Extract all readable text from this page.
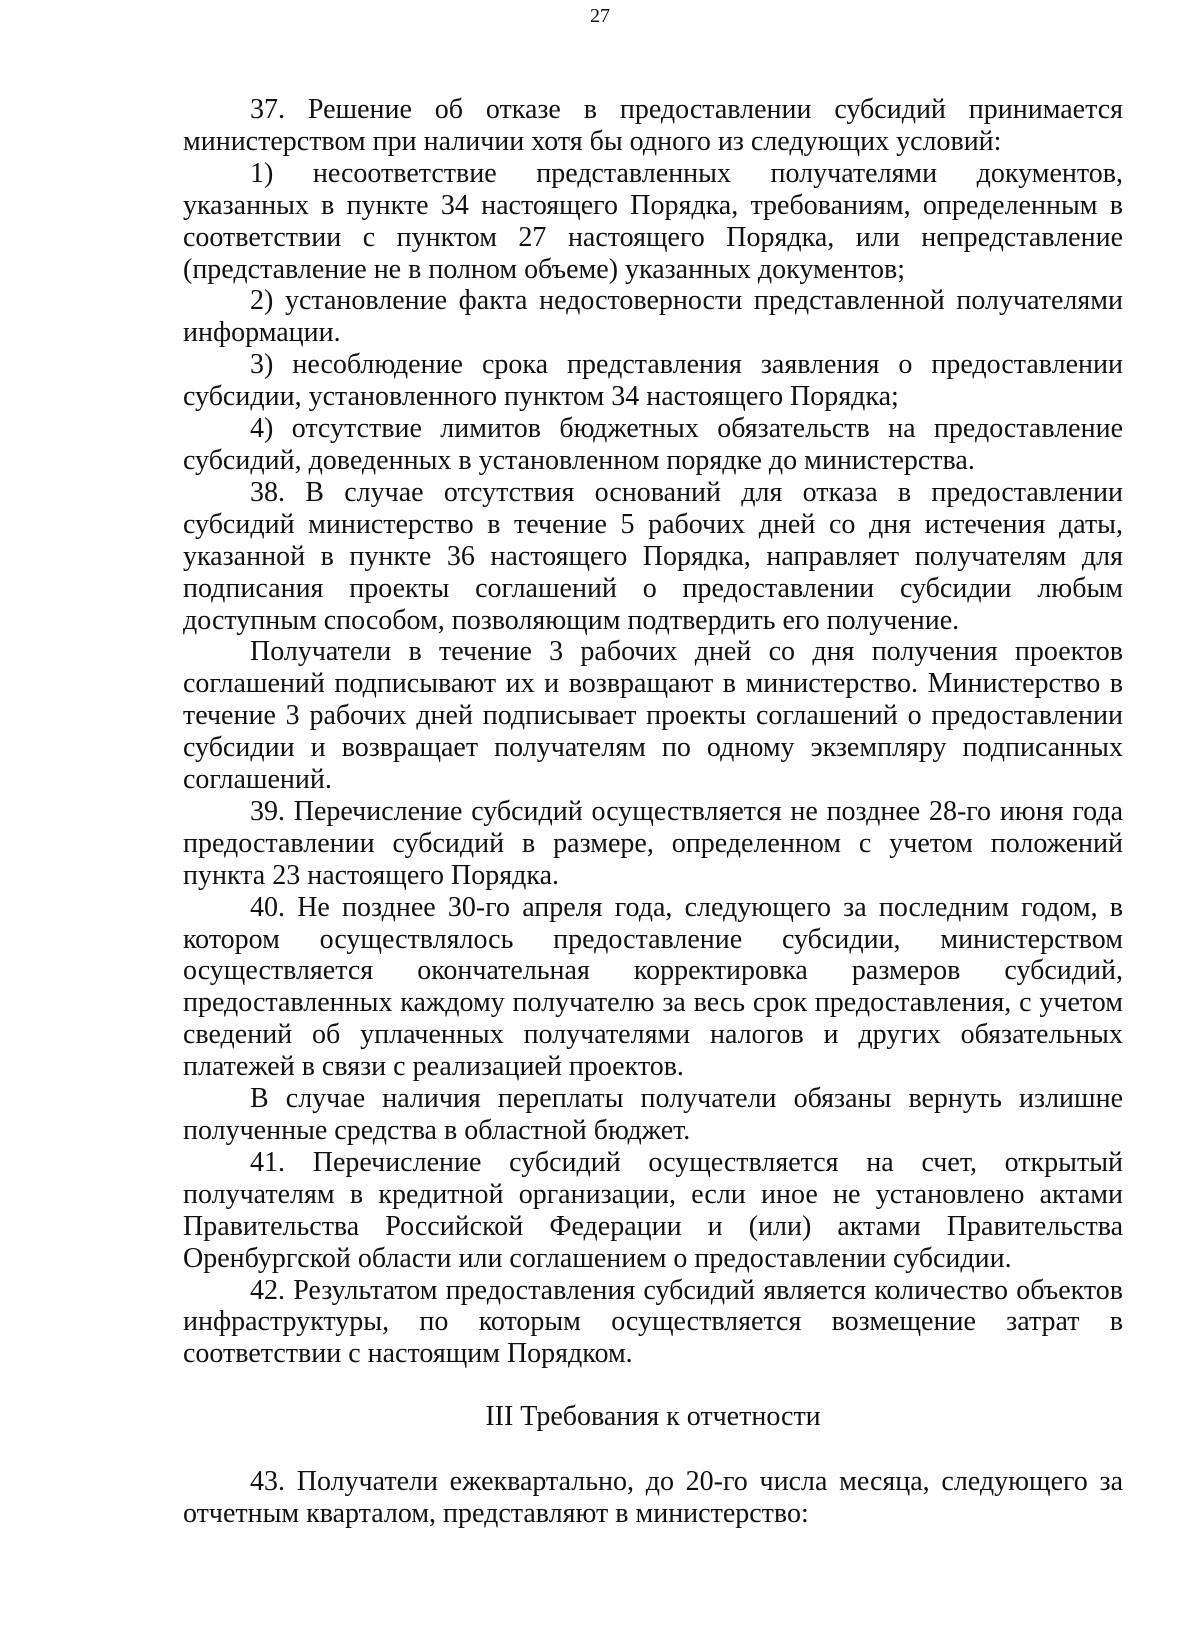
27

37. Решение об отказе в предоставлении субсидий принимается министерством при наличии хотя бы одного из следующих условий:

1) несоответствие представленных получателями документов, указанных в пункте 34 настоящего Порядка, требованиям, определенным в соответствии с пунктом 27 настоящего Порядка, или непредставление (представление не в полном объеме) указанных документов;

2) установление факта недостоверности представленной получателями информации.

3) несоблюдение срока представления заявления о предоставлении субсидии, установленного пунктом 34 настоящего Порядка;

4) отсутствие лимитов бюджетных обязательств на предоставление субсидий, доведенных в установленном порядке до министерства.

38. В случае отсутствия оснований для отказа в предоставлении субсидий министерство в течение 5 рабочих дней со дня истечения даты, указанной в пункте 36 настоящего Порядка, направляет получателям для подписания проекты соглашений о предоставлении субсидии любым доступным способом, позволяющим подтвердить его получение.

Получатели в течение 3 рабочих дней со дня получения проектов соглашений подписывают их и возвращают в министерство. Министерство в течение 3 рабочих дней подписывает проекты соглашений о предоставлении субсидии и возвращает получателям по одному экземпляру подписанных соглашений.

39. Перечисление субсидий осуществляется не позднее 28-го июня года предоставлении субсидий в размере, определенном с учетом положений пункта 23 настоящего Порядка.

40. Не позднее 30-го апреля года, следующего за последним годом, в котором осуществлялось предоставление субсидии, министерством осуществляется окончательная корректировка размеров субсидий, предоставленных каждому получателю за весь срок предоставления, с учетом сведений об уплаченных получателями налогов и других обязательных платежей в связи с реализацией проектов.

В случае наличия переплаты получатели обязаны вернуть излишне полученные средства в областной бюджет.

41. Перечисление субсидий осуществляется на счет, открытый получателям в кредитной организации, если иное не установлено актами Правительства Российской Федерации и (или) актами Правительства Оренбургской области или соглашением о предоставлении субсидии.

42. Результатом предоставления субсидий является количество объектов инфраструктуры, по которым осуществляется возмещение затрат в соответствии с настоящим Порядком.

III Требования к отчетности

43. Получатели ежеквартально, до 20-го числа месяца, следующего за отчетным кварталом, представляют в министерство:
